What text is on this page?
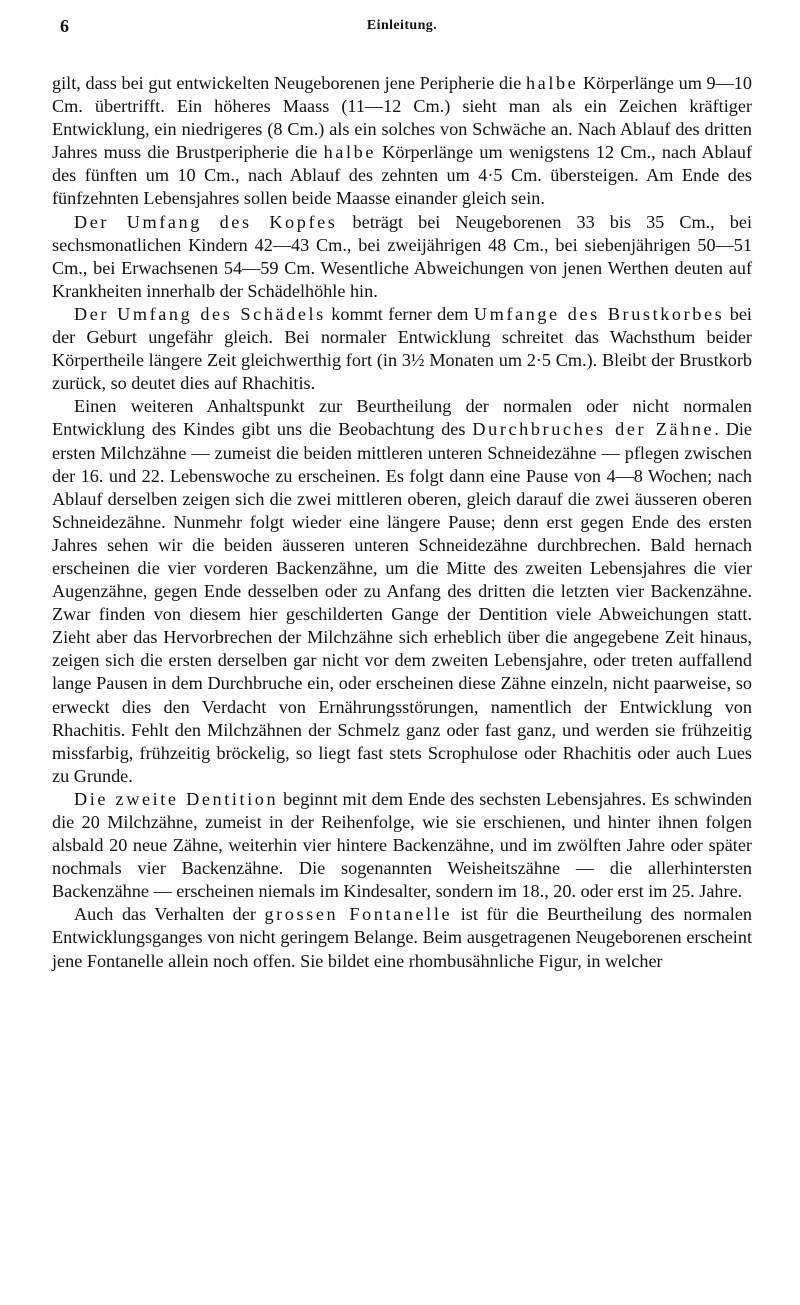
6	Einleitung.

gilt, dass bei gut entwickelten Neugeborenen jene Peripherie die halbe Körperlänge um 9—10 Cm. übertrifft. Ein höheres Maass (11—12 Cm.) sieht man als ein Zeichen kräftiger Entwicklung, ein niedrigeres (8 Cm.) als ein solches von Schwäche an. Nach Ablauf des dritten Jahres muss die Brustperipherie die halbe Körperlänge um wenigstens 12 Cm., nach Ablauf des fünften um 10 Cm., nach Ablauf des zehnten um 4·5 Cm. übersteigen. Am Ende des fünfzehnten Lebensjahres sollen beide Maasse einander gleich sein.

Der Umfang des Kopfes beträgt bei Neugeborenen 33 bis 35 Cm., bei sechsmonatlichen Kindern 42—43 Cm., bei zweijährigen 48 Cm., bei siebenjährigen 50—51 Cm., bei Erwachsenen 54—59 Cm. Wesentliche Abweichungen von jenen Werthen deuten auf Krankheiten innerhalb der Schädelhöhle hin.

Der Umfang des Schädels kommt ferner dem Umfange des Brustkorbes bei der Geburt ungefähr gleich. Bei normaler Entwicklung schreitet das Wachsthum beider Körpertheile längere Zeit gleichwerthig fort (in 3½ Monaten um 2·5 Cm.). Bleibt der Brustkorb zurück, so deutet dies auf Rhachitis.

Einen weiteren Anhaltspunkt zur Beurtheilung der normalen oder nicht normalen Entwicklung des Kindes gibt uns die Beobachtung des Durchbruches der Zähne. Die ersten Milchzähne — zumeist die beiden mittleren unteren Schneidezähne — pflegen zwischen der 16. und 22. Lebenswoche zu erscheinen. Es folgt dann eine Pause von 4—8 Wochen; nach Ablauf derselben zeigen sich die zwei mittleren oberen, gleich darauf die zwei äusseren oberen Schneidezähne. Nunmehr folgt wieder eine längere Pause; denn erst gegen Ende des ersten Jahres sehen wir die beiden äusseren unteren Schneidezähne durchbrechen. Bald hernach erscheinen die vier vorderen Backenzähne, um die Mitte des zweiten Lebensjahres die vier Augenzähne, gegen Ende desselben oder zu Anfang des dritten die letzten vier Backenzähne. Zwar finden von diesem hier geschilderten Gange der Dentition viele Abweichungen statt. Zieht aber das Hervorbrechen der Milchzähne sich erheblich über die angegebene Zeit hinaus, zeigen sich die ersten derselben gar nicht vor dem zweiten Lebensjahre, oder treten auffallend lange Pausen in dem Durchbruche ein, oder erscheinen diese Zähne einzeln, nicht paarweise, so erweckt dies den Verdacht von Ernährungsstörungen, namentlich der Entwicklung von Rhachitis. Fehlt den Milchzähnen der Schmelz ganz oder fast ganz, und werden sie frühzeitig missfarbig, frühzeitig bröckelig, so liegt fast stets Scrophulose oder Rhachitis oder auch Lues zu Grunde.

Die zweite Dentition beginnt mit dem Ende des sechsten Lebensjahres. Es schwinden die 20 Milchzähne, zumeist in der Reihenfolge, wie sie erschienen, und hinter ihnen folgen alsbald 20 neue Zähne, weiterhin vier hintere Backenzähne, und im zwölften Jahre oder später nochmals vier Backenzähne. Die sogenannten Weisheitszähne — die allerhintersten Backenzähne — erscheinen niemals im Kindesalter, sondern im 18., 20. oder erst im 25. Jahre.

Auch das Verhalten der grossen Fontanelle ist für die Beurtheilung des normalen Entwicklungsganges von nicht geringem Belange. Beim ausgetragenen Neugeborenen erscheint jene Fontanelle allein noch offen. Sie bildet eine rhombusähnliche Figur, in welcher
